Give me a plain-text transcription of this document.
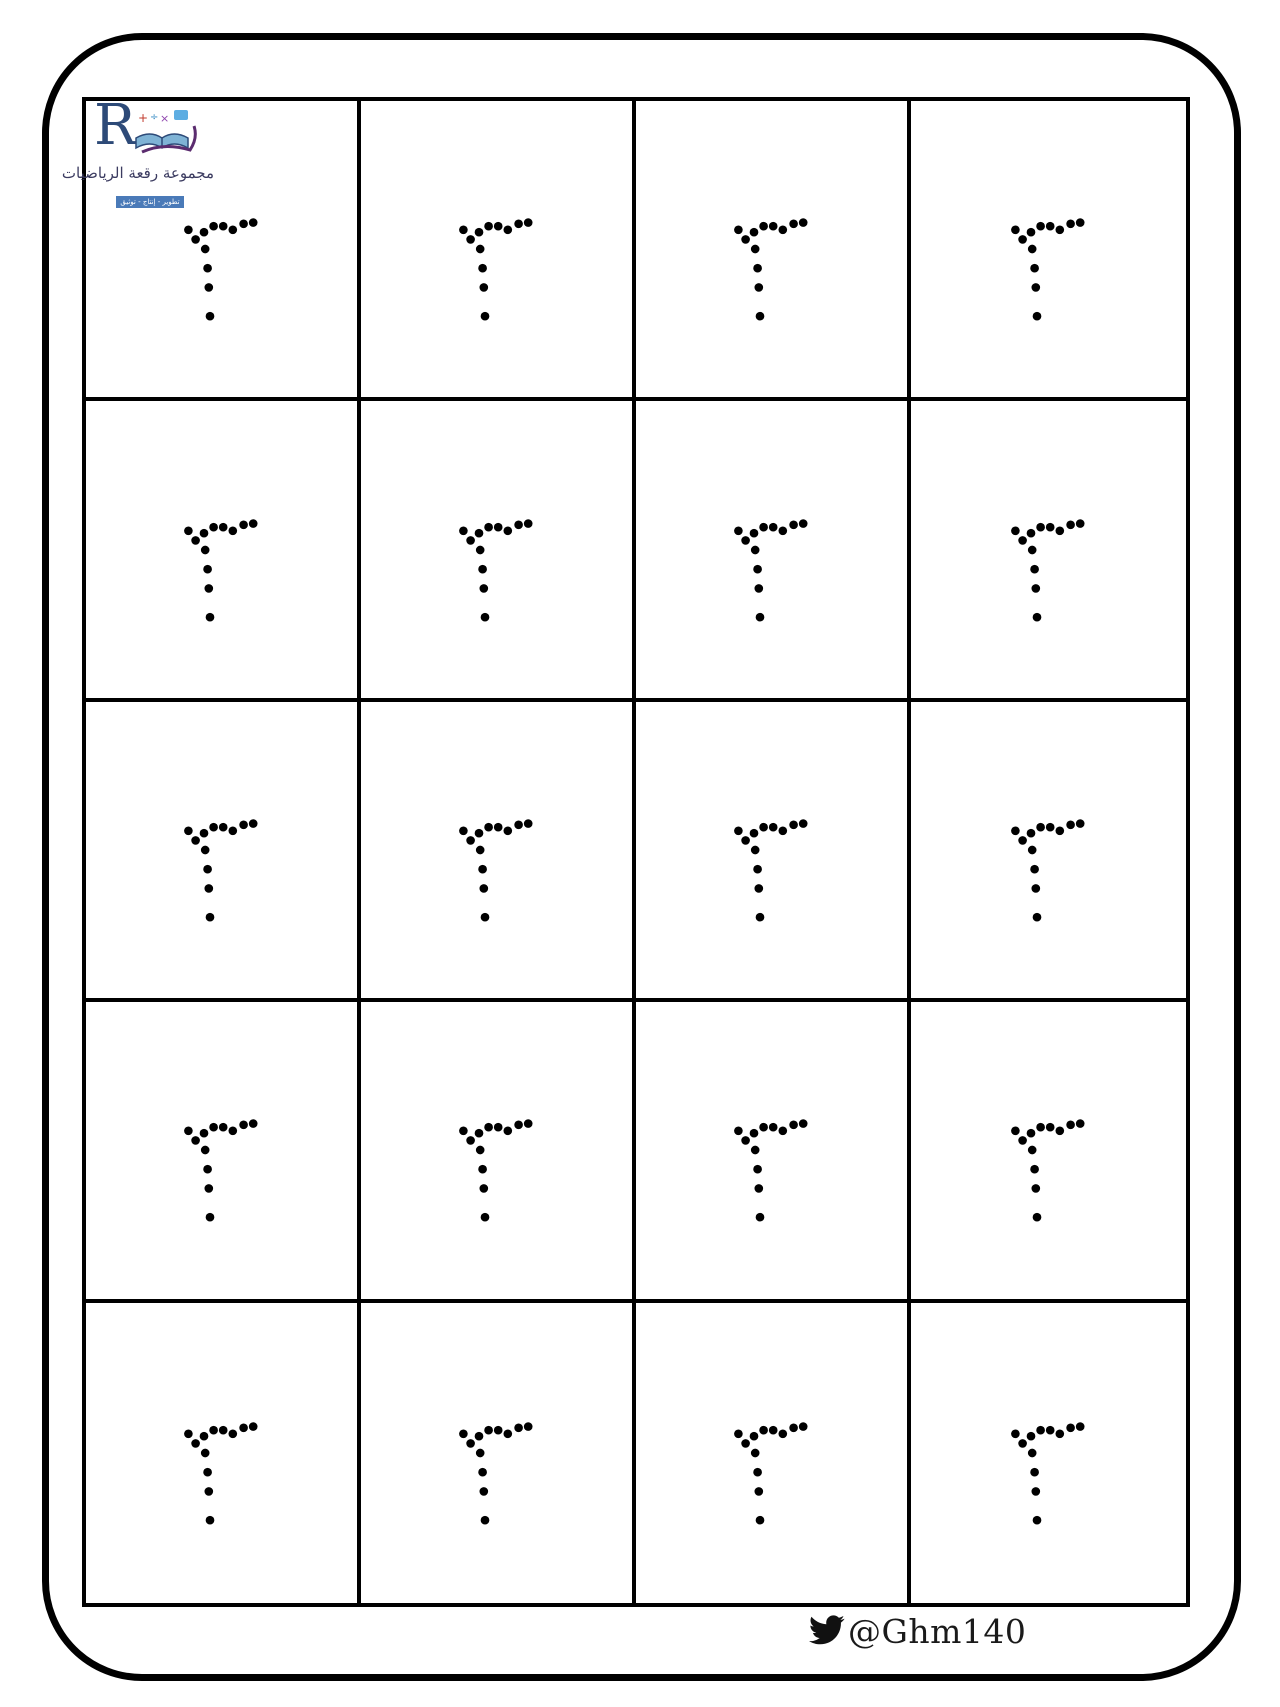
R + ÷ ×
مجموعة رقعة الرياضيات
تطوير - إنتاج - توثيق
@Ghm140
